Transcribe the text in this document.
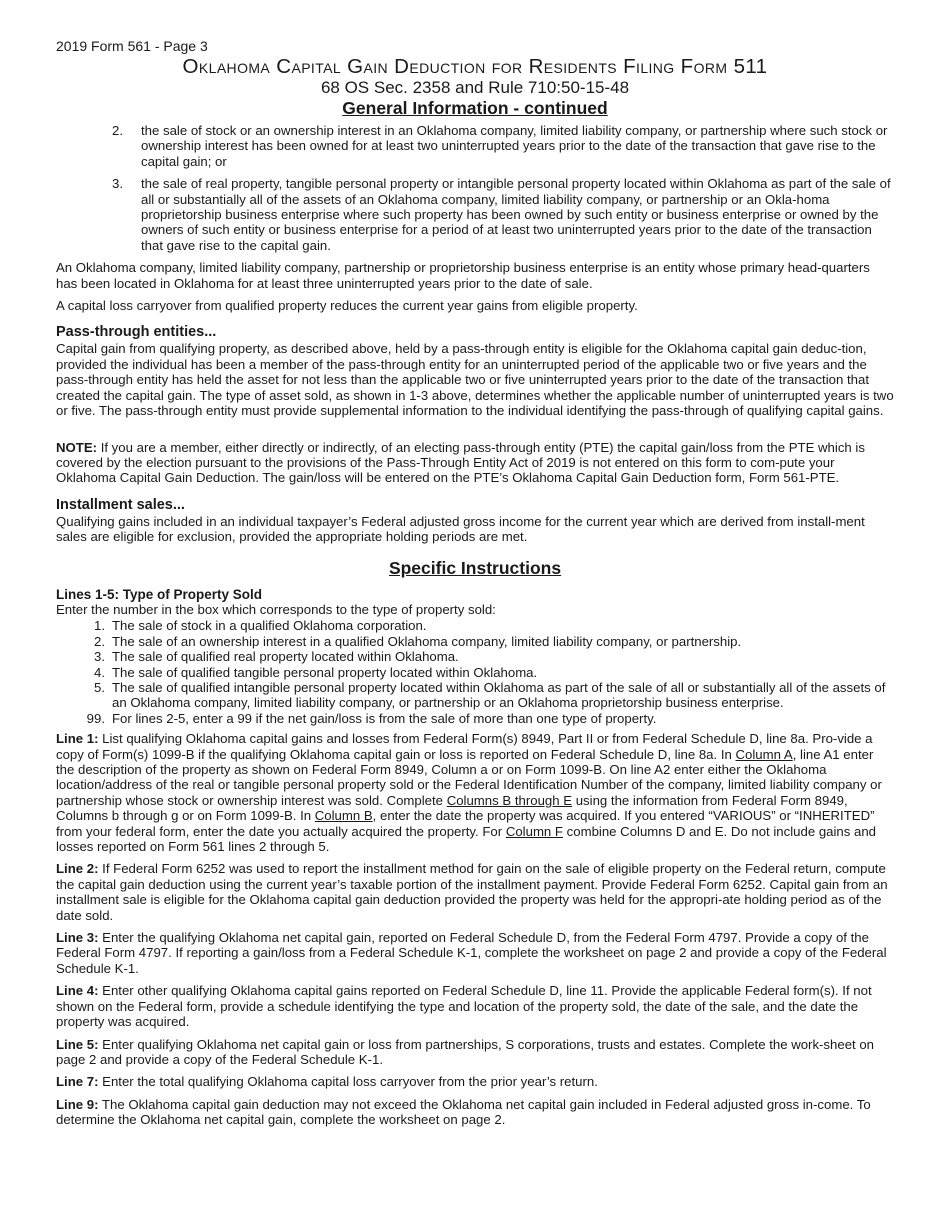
2019 Form 561 - Page 3
Oklahoma Capital Gain Deduction for Residents Filing Form 511
68 OS Sec. 2358 and Rule 710:50-15-48
General Information - continued
2.	the sale of stock or an ownership interest in an Oklahoma company, limited liability company, or partnership where such stock or ownership interest has been owned for at least two uninterrupted years prior to the date of the transaction that gave rise to the capital gain; or
3.	the sale of real property, tangible personal property or intangible personal property located within Oklahoma as part of the sale of all or substantially all of the assets of an Oklahoma company, limited liability company, or partnership or an Okla-homa proprietorship business enterprise where such property has been owned by such entity or business enterprise or owned by the owners of such entity or business enterprise for a period of at least two uninterrupted years prior to the date of the transaction that gave rise to the capital gain.

An Oklahoma company, limited liability company, partnership or proprietorship business enterprise is an entity whose primary head-quarters has been located in Oklahoma for at least three uninterrupted years prior to the date of sale.

A capital loss carryover from qualified property reduces the current year gains from eligible property.

Pass-through entities...

Capital gain from qualifying property, as described above, held by a pass-through entity is eligible for the Oklahoma capital gain deduc-tion, provided the individual has been a member of the pass-through entity for an uninterrupted period of the applicable two or five years and the pass-through entity has held the asset for not less than the applicable two or five uninterrupted years prior to the date of the transaction that created the capital gain. The type of asset sold, as shown in 1-3 above, determines whether the applicable number of uninterrupted years is two or five. The pass-through entity must provide supplemental information to the individual identifying the pass-through of qualifying capital gains.

NOTE: If you are a member, either directly or indirectly, of an electing pass-through entity (PTE) the capital gain/loss from the PTE which is covered by the election pursuant to the provisions of the Pass-Through Entity Act of 2019 is not entered on this form to com-pute your Oklahoma Capital Gain Deduction. The gain/loss will be entered on the PTE’s Oklahoma Capital Gain Deduction form, Form 561-PTE.

Installment sales...

Qualifying gains included in an individual taxpayer’s Federal adjusted gross income for the current year which are derived from install-ment sales are eligible for exclusion, provided the appropriate holding periods are met.

Specific Instructions
Lines 1-5: Type of Property Sold
Enter the number in the box which corresponds to the type of property sold:
1. The sale of stock in a qualified Oklahoma corporation.
2. The sale of an ownership interest in a qualified Oklahoma company, limited liability company, or partnership.
3. The sale of qualified real property located within Oklahoma.
4. The sale of qualified tangible personal property located within Oklahoma.
5. The sale of qualified intangible personal property located within Oklahoma as part of the sale of all or substantially all of the assets of an Oklahoma company, limited liability company, or partnership or an Oklahoma proprietorship business enterprise.
99. For lines 2-5, enter a 99 if the net gain/loss is from the sale of more than one type of property.

Line 1: List qualifying Oklahoma capital gains and losses from Federal Form(s) 8949, Part II or from Federal Schedule D, line 8a. Pro-vide a copy of Form(s) 1099-B if the qualifying Oklahoma capital gain or loss is reported on Federal Schedule D, line 8a. In Column A, line A1 enter the description of the property as shown on Federal Form 8949, Column a or on Form 1099-B. On line A2 enter either the Oklahoma location/address of the real or tangible personal property sold or the Federal Identification Number of the company, limited liability company or partnership whose stock or ownership interest was sold. Complete Columns B through E using the information from Federal Form 8949, Columns b through g or on Form 1099-B. In Column B, enter the date the property was acquired. If you entered “VARIOUS” or “INHERITED” from your federal form, enter the date you actually acquired the property. For Column F combine Columns D and E. Do not include gains and losses reported on Form 561 lines 2 through 5.

Line 2: If Federal Form 6252 was used to report the installment method for gain on the sale of eligible property on the Federal return, compute the capital gain deduction using the current year’s taxable portion of the installment payment. Provide Federal Form 6252. Capital gain from an installment sale is eligible for the Oklahoma capital gain deduction provided the property was held for the appropri-ate holding period as of the date sold.

Line 3: Enter the qualifying Oklahoma net capital gain, reported on Federal Schedule D, from the Federal Form 4797. Provide a copy of the Federal Form 4797. If reporting a gain/loss from a Federal Schedule K-1, complete the worksheet on page 2 and provide a copy of the Federal Schedule K-1.

Line 4: Enter other qualifying Oklahoma capital gains reported on Federal Schedule D, line 11. Provide the applicable Federal form(s). If not shown on the Federal form, provide a schedule identifying the type and location of the property sold, the date of the sale, and the date the property was acquired.

Line 5: Enter qualifying Oklahoma net capital gain or loss from partnerships, S corporations, trusts and estates. Complete the work-sheet on page 2 and provide a copy of the Federal Schedule K-1.

Line 7: Enter the total qualifying Oklahoma capital loss carryover from the prior year’s return.

Line 9: The Oklahoma capital gain deduction may not exceed the Oklahoma net capital gain included in Federal adjusted gross in-come. To determine the Oklahoma net capital gain, complete the worksheet on page 2.
